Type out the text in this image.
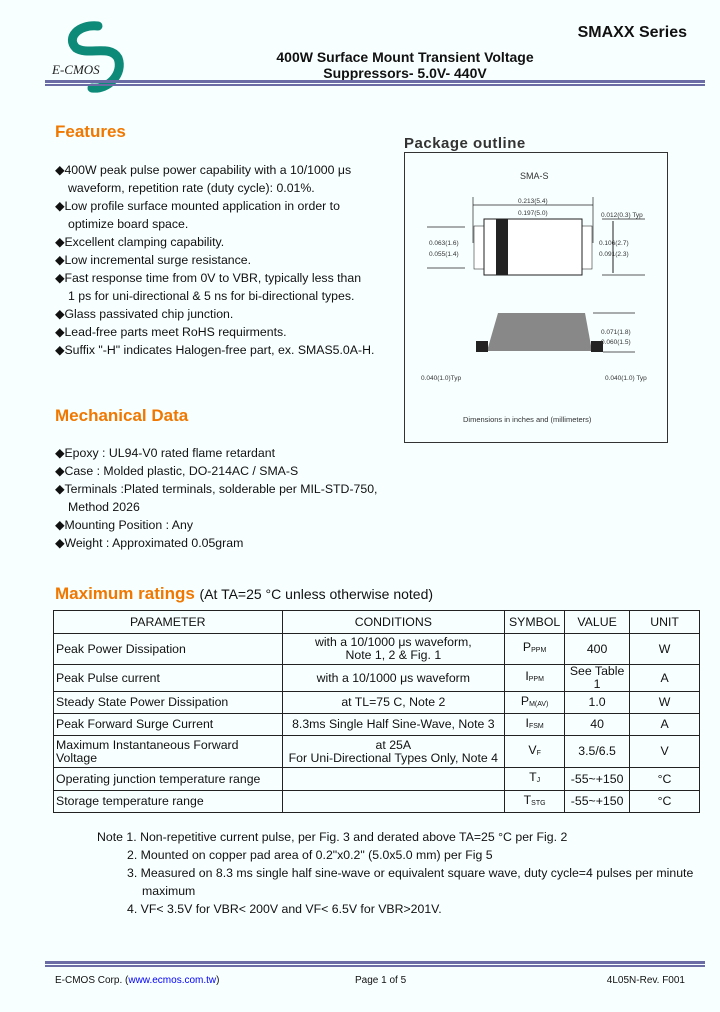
E-CMOS
SMAXX Series
400W Surface Mount Transient Voltage
Suppressors- 5.0V- 440V
Features
◆400W peak pulse power capability with a 10/1000 μs
waveform, repetition rate (duty cycle): 0.01%.
◆Low profile surface mounted application in order to
optimize board space.
◆Excellent clamping capability.
◆Low incremental surge resistance.
◆Fast response time from 0V to VBR, typically less than
1 ps for uni-directional & 5 ns for bi-directional types.
◆Glass passivated chip junction.
◆Lead-free parts meet RoHS requirments.
◆Suffix "-H" indicates Halogen-free part, ex. SMAS5.0A-H.
Package outline
SMA-S
0.213(5.4)
0.197(5.0)	0.012(0.3) Typ
0.063(1.6)
0.055(1.4)
0.106(2.7)
0.091(2.3)
0.071(1.8)
0.060(1.5)
0.040(1.0)Typ	0.040(1.0) Typ
Dimensions in inches and (millimeters)
Mechanical Data
◆Epoxy : UL94-V0 rated flame retardant
◆Case : Molded plastic, DO-214AC / SMA-S
◆Terminals :Plated terminals, solderable per MIL-STD-750,
Method 2026
◆Mounting Position : Any
◆Weight : Approximated 0.05gram
Maximum ratings (At TA=25 °C unless otherwise noted)
PARAMETER	CONDITIONS	SYMBOL	VALUE	UNIT
Peak Power Dissipation	with a 10/1000 μs waveform,
Note 1, 2 & Fig. 1	$P_{PPM}$	400	W
Peak Pulse current	with a 10/1000 μs waveform	$I_{PPM}$	See Table 1	A
Steady State Power Dissipation	at TL=75 C, Note 2	$P_{M(AV)}$	1.0	W
Peak Forward Surge Current	8.3ms Single Half Sine-Wave, Note 3	$I_{FSM}$	40	A
Maximum Instantaneous Forward
Voltage	at 25A
For Uni-Directional Types Only, Note 4	$V_F$	3.5/6.5	V
Operating junction temperature range		$T_J$	-55~+150	°C
Storage temperature range		$T_{STG}$	-55~+150	°C
Note 1. Non-repetitive current pulse, per Fig. 3 and derated above TA=25 °C per Fig. 2
2. Mounted on copper pad area of 0.2"x0.2" (5.0x5.0 mm) per Fig 5
3. Measured on 8.3 ms single half sine-wave or equivalent square wave, duty cycle=4 pulses per minute
maximum
4. VF< 3.5V for VBR< 200V and VF< 6.5V for VBR>201V.
E-CMOS Corp. (www.ecmos.com.tw)	Page 1 of 5	4L05N-Rev. F001
